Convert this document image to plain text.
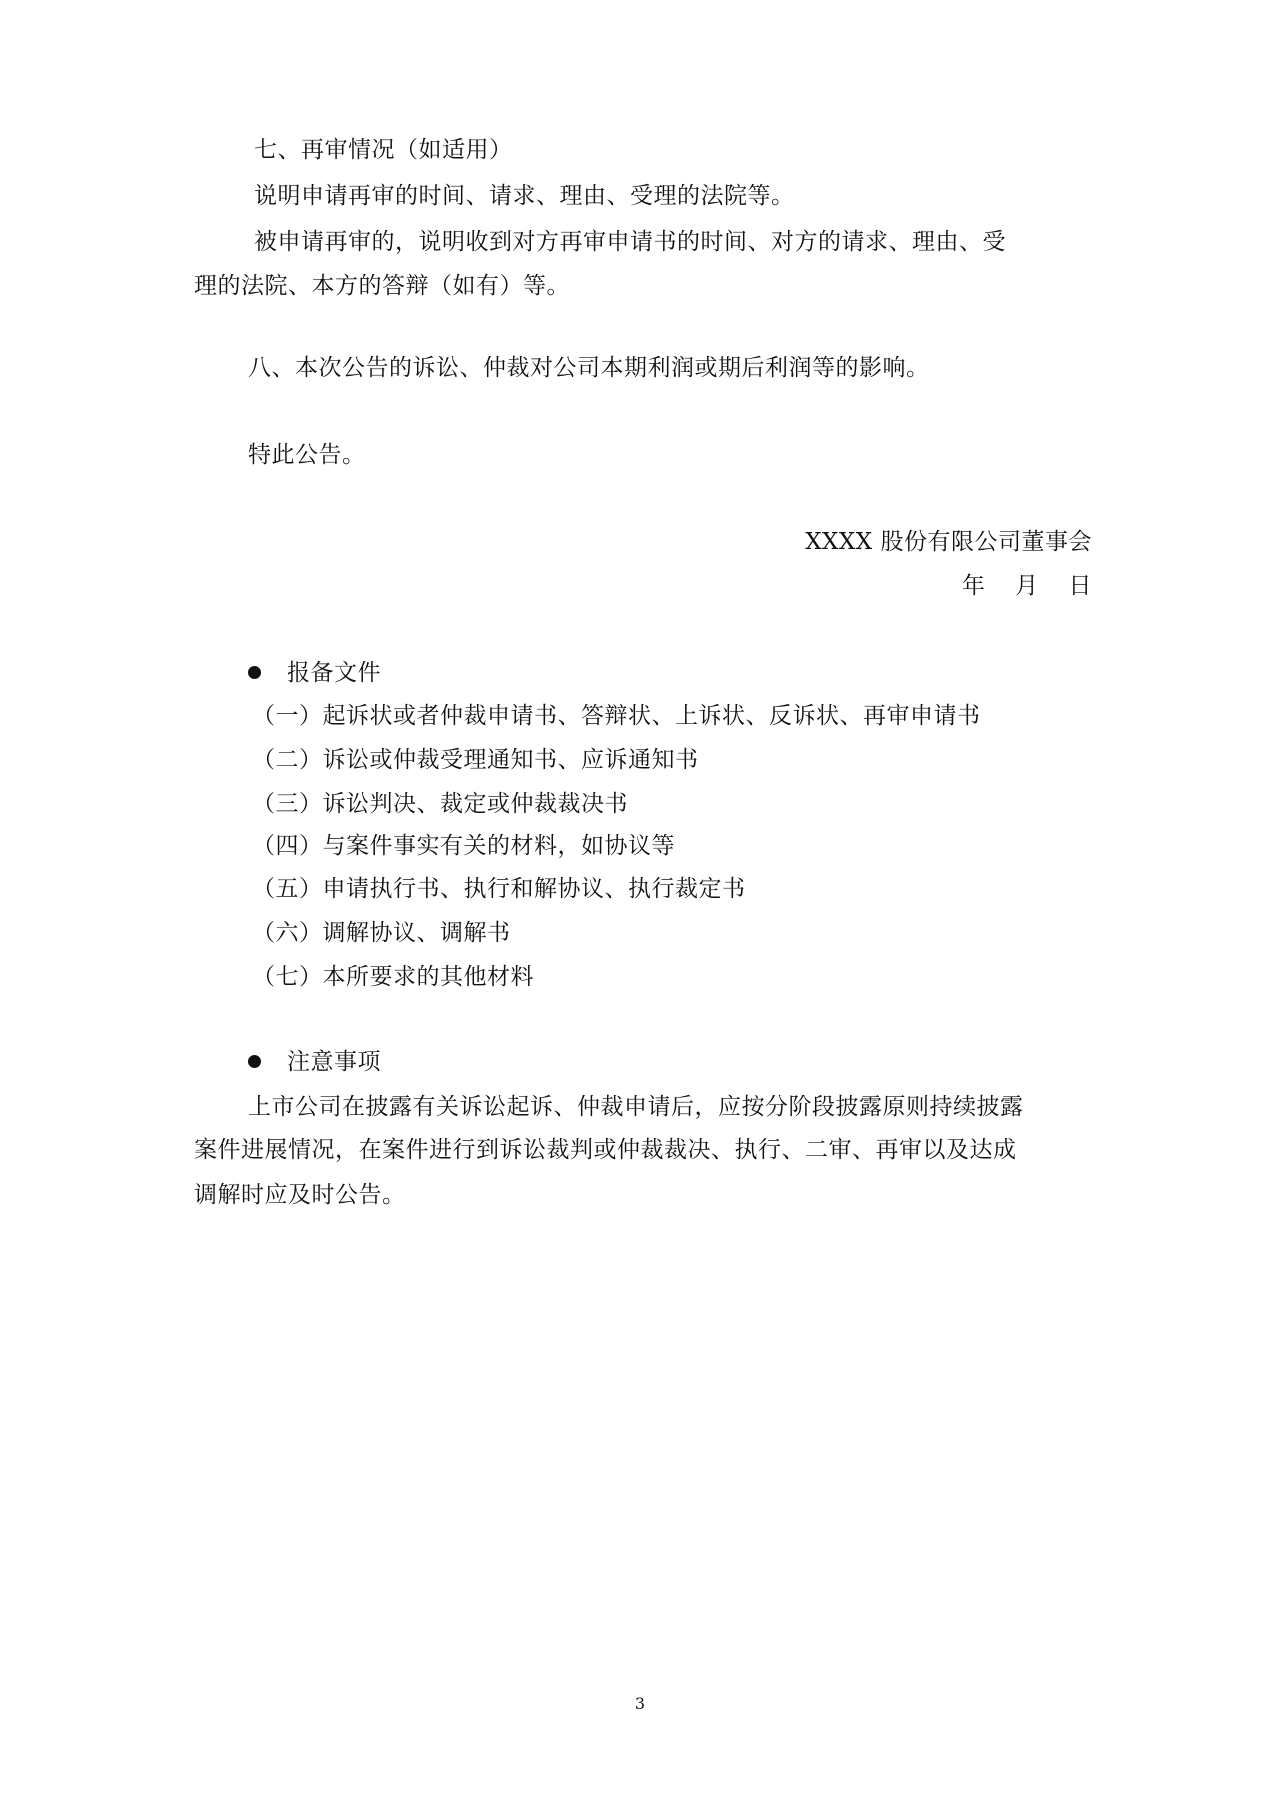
七、再审情况（如适用）
说明申请再审的时间、请求、理由、受理的法院等。
被申请再审的，说明收到对方再审申请书的时间、对方的请求、理由、受
理的法院、本方的答辩（如有）等。
八、本次公告的诉讼、仲裁对公司本期利润或期后利润等的影响。
特此公告。
XXXX 股份有限公司董事会
年 月 日
报备文件
（一）起诉状或者仲裁申请书、答辩状、上诉状、反诉状、再审申请书
（二）诉讼或仲裁受理通知书、应诉通知书
（三）诉讼判决、裁定或仲裁裁决书
（四）与案件事实有关的材料，如协议等
（五）申请执行书、执行和解协议、执行裁定书
（六）调解协议、调解书
（七）本所要求的其他材料
注意事项
上市公司在披露有关诉讼起诉、仲裁申请后，应按分阶段披露原则持续披露
案件进展情况，在案件进行到诉讼裁判或仲裁裁决、执行、二审、再审以及达成
调解时应及时公告。
3
